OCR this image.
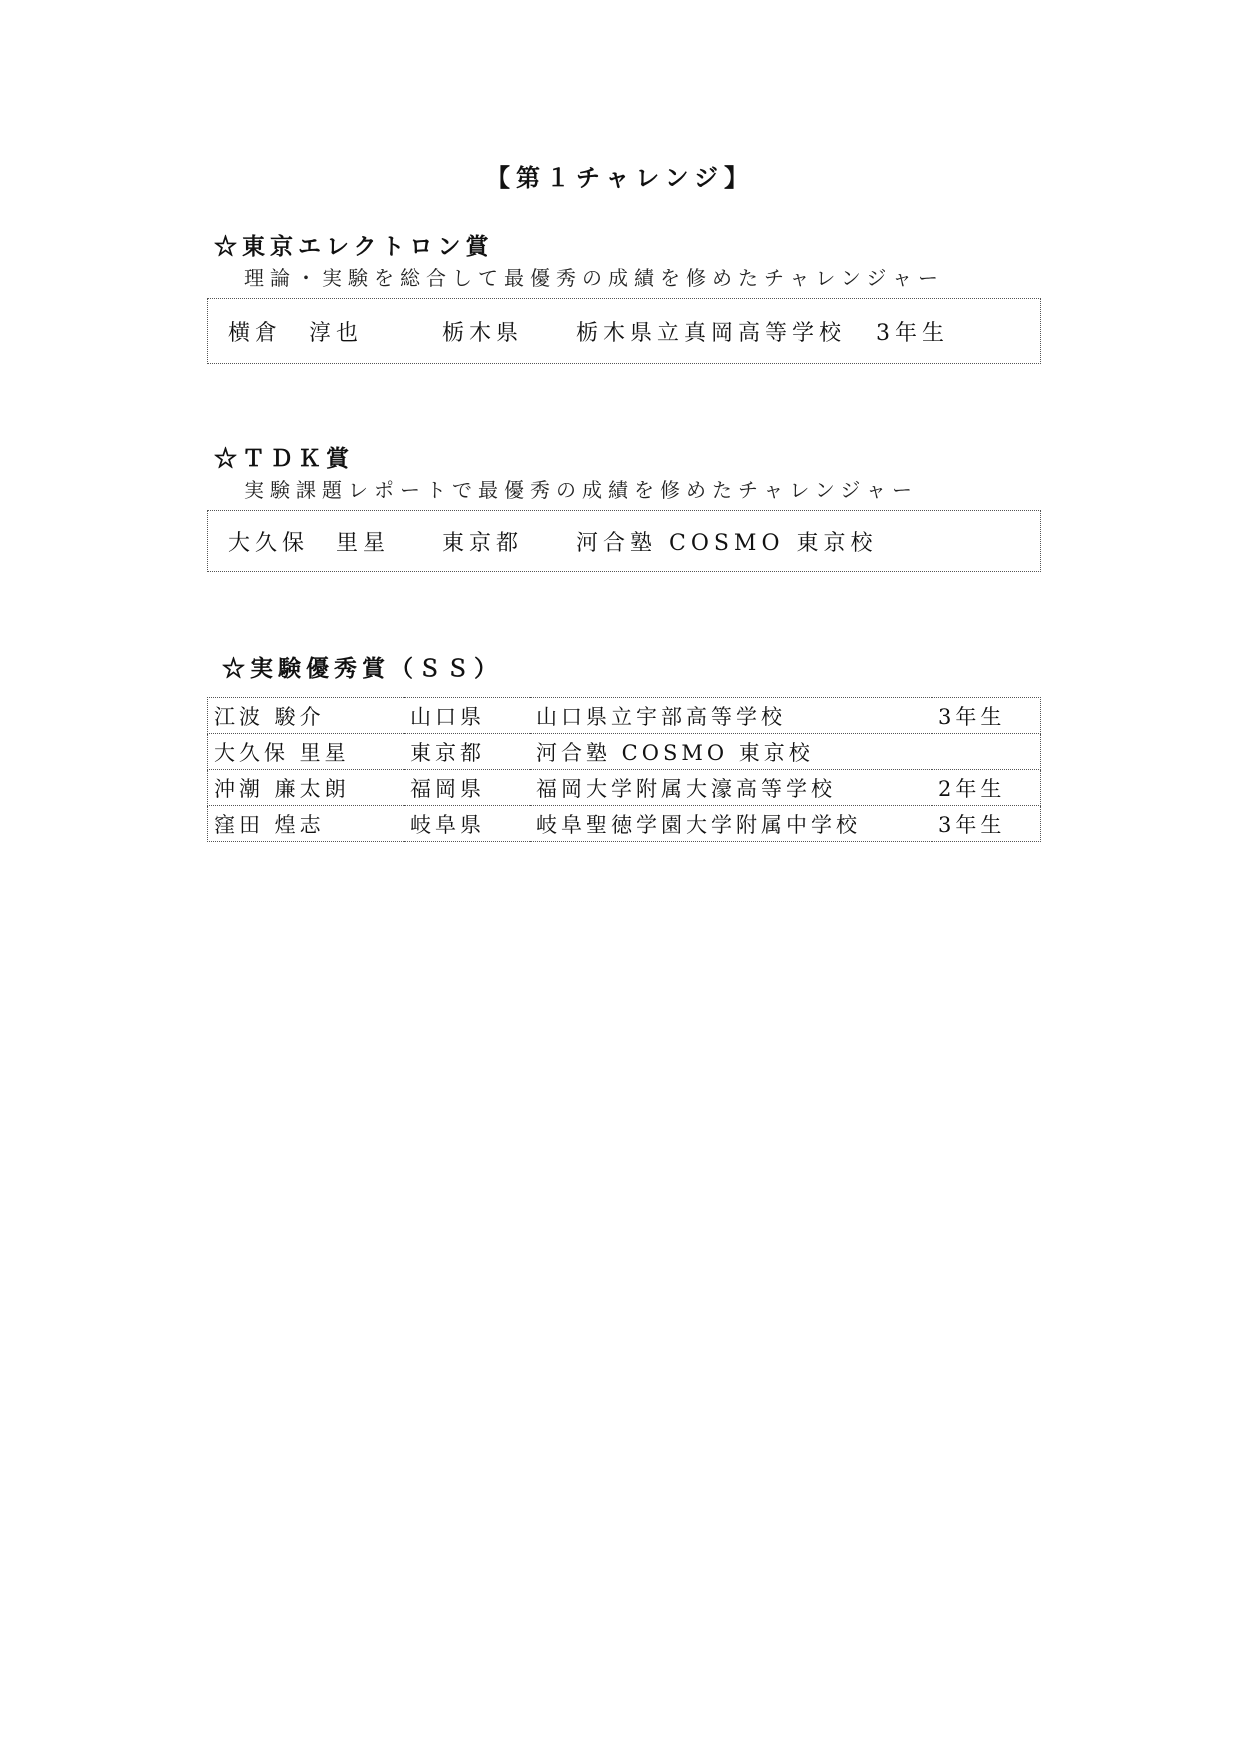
【第１チャレンジ】
☆東京エレクトロン賞
理論・実験を総合して最優秀の成績を修めたチャレンジャー
横倉　淳也	栃木県	栃木県立真岡高等学校	3年生
☆ＴＤＫ賞
実験課題レポートで最優秀の成績を修めたチャレンジャー
大久保　里星	東京都	河合塾 COSMO 東京校
☆実験優秀賞（ＳＳ）
江波 駿介	山口県	山口県立宇部高等学校	3年生
大久保 里星	東京都	河合塾 COSMO 東京校	
沖潮 廉太朗	福岡県	福岡大学附属大濠高等学校	2年生
窪田 煌志	岐阜県	岐阜聖徳学園大学附属中学校	3年生
